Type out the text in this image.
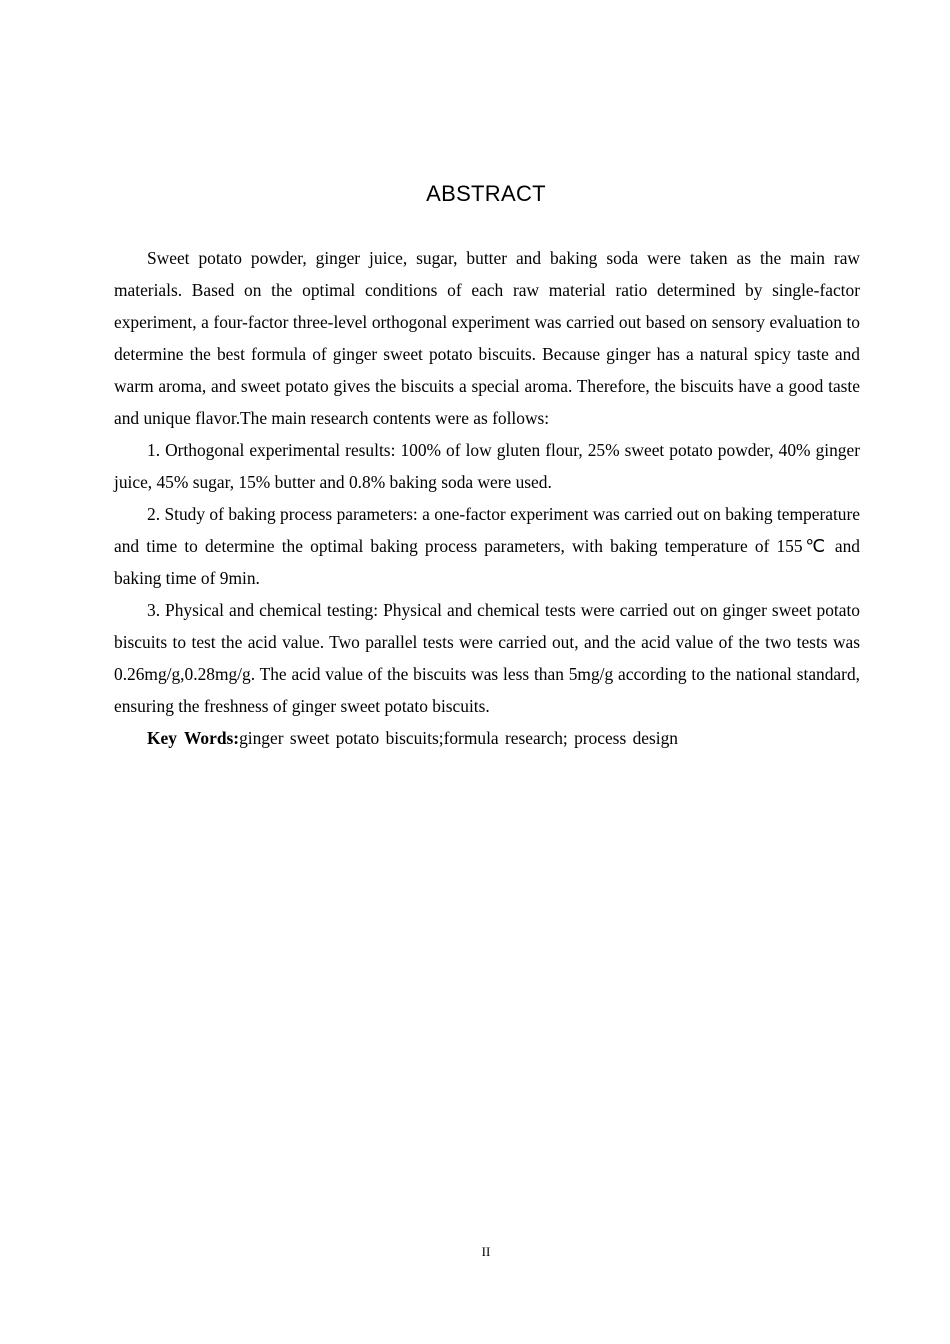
ABSTRACT

Sweet potato powder, ginger juice, sugar, butter and baking soda were taken as the main raw materials. Based on the optimal conditions of each raw material ratio determined by single-factor experiment, a four-factor three-level orthogonal experiment was carried out based on sensory evaluation to determine the best formula of ginger sweet potato biscuits. Because ginger has a natural spicy taste and warm aroma, and sweet potato gives the biscuits a special aroma. Therefore, the biscuits have a good taste and unique flavor.The main research contents were as follows:

1. Orthogonal experimental results: 100% of low gluten flour, 25% sweet potato powder, 40% ginger juice, 45% sugar, 15% butter and 0.8% baking soda were used.

2. Study of baking process parameters: a one-factor experiment was carried out on baking temperature and time to determine the optimal baking process parameters, with baking temperature of 155℃ and baking time of 9min.

3. Physical and chemical testing: Physical and chemical tests were carried out on ginger sweet potato biscuits to test the acid value. Two parallel tests were carried out, and the acid value of the two tests was 0.26mg/g,0.28mg/g. The acid value of the biscuits was less than 5mg/g according to the national standard, ensuring the freshness of ginger sweet potato biscuits.

Key Words:ginger sweet potato biscuits;formula research; process design

II
